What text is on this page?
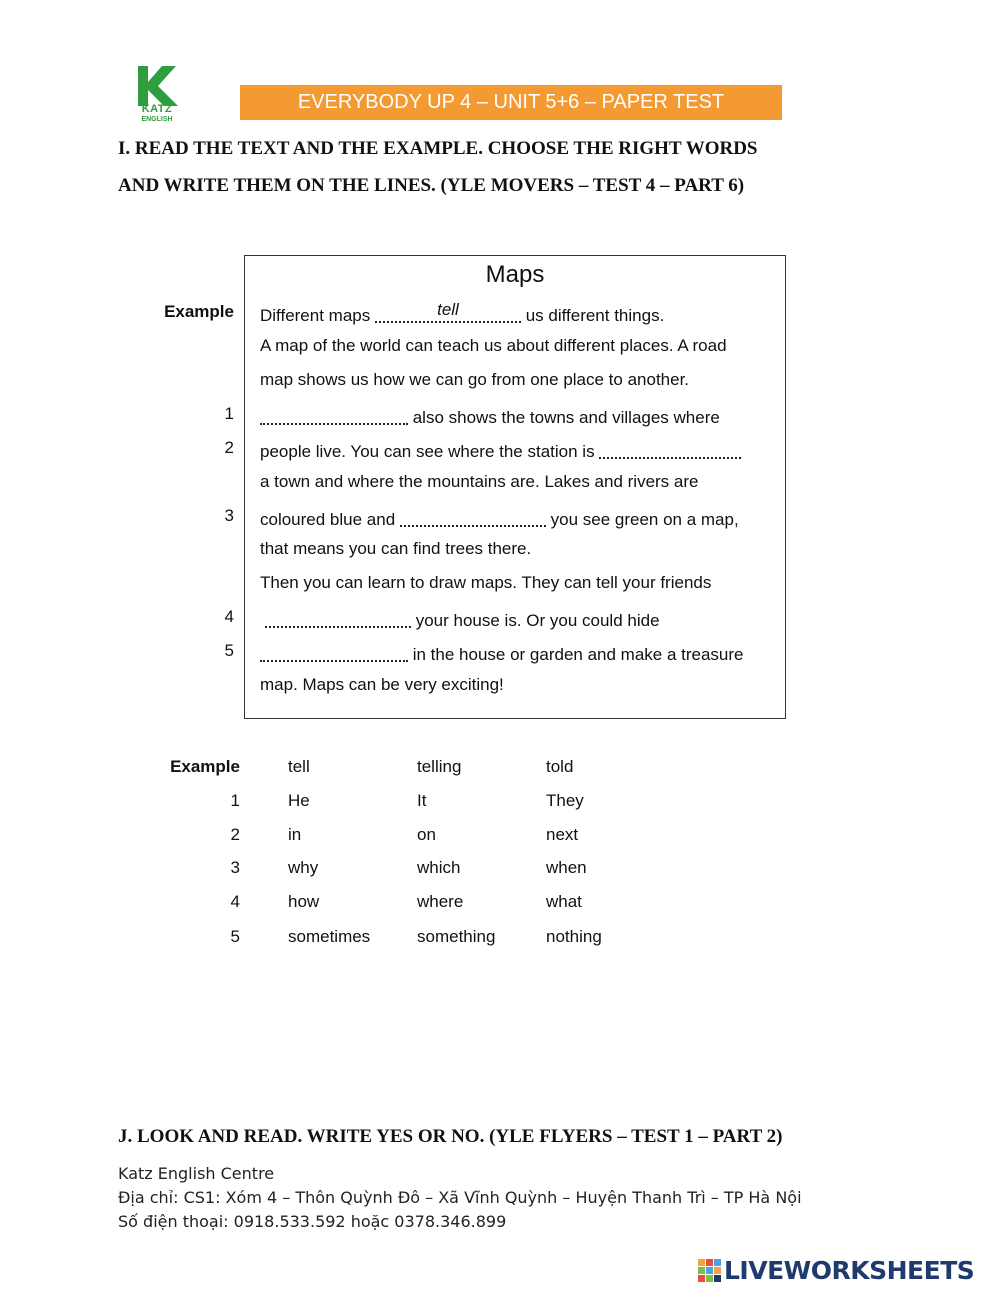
KATZ
ENGLISH
EVERYBODY UP 4 – UNIT 5+6 – PAPER TEST
I. READ THE TEXT AND THE EXAMPLE. CHOOSE THE RIGHT WORDS
AND WRITE THEM ON THE LINES. (YLE MOVERS – TEST 4 – PART 6)
Maps
Example
1
2
3
4
5
Different maps	tell	us different things.
A map of the world can teach us about different places. A road
map shows us how we can go from one place to another.
also shows the towns and villages where
people live. You can see where the station is
a town and where the mountains are. Lakes and rivers are
coloured blue and	you see green on a map,
that means you can find trees there.
Then you can learn to draw maps. They can tell your friends
your house is. Or you could hide
in the house or garden and make a treasure
map. Maps can be very exciting!
Example	tell	telling	told
1	He	It	They
2	in	on	next
3	why	which	when
4	how	where	what
5	sometimes	something	nothing
J. LOOK AND READ. WRITE YES OR NO. (YLE FLYERS – TEST 1 – PART 2)
Katz English Centre
Địa chỉ: CS1: Xóm 4 – Thôn Quỳnh Đô – Xã Vĩnh Quỳnh – Huyện Thanh Trì – TP Hà Nội
Số điện thoại: 0918.533.592 hoặc 0378.346.899
LIVEWORKSHEETS
